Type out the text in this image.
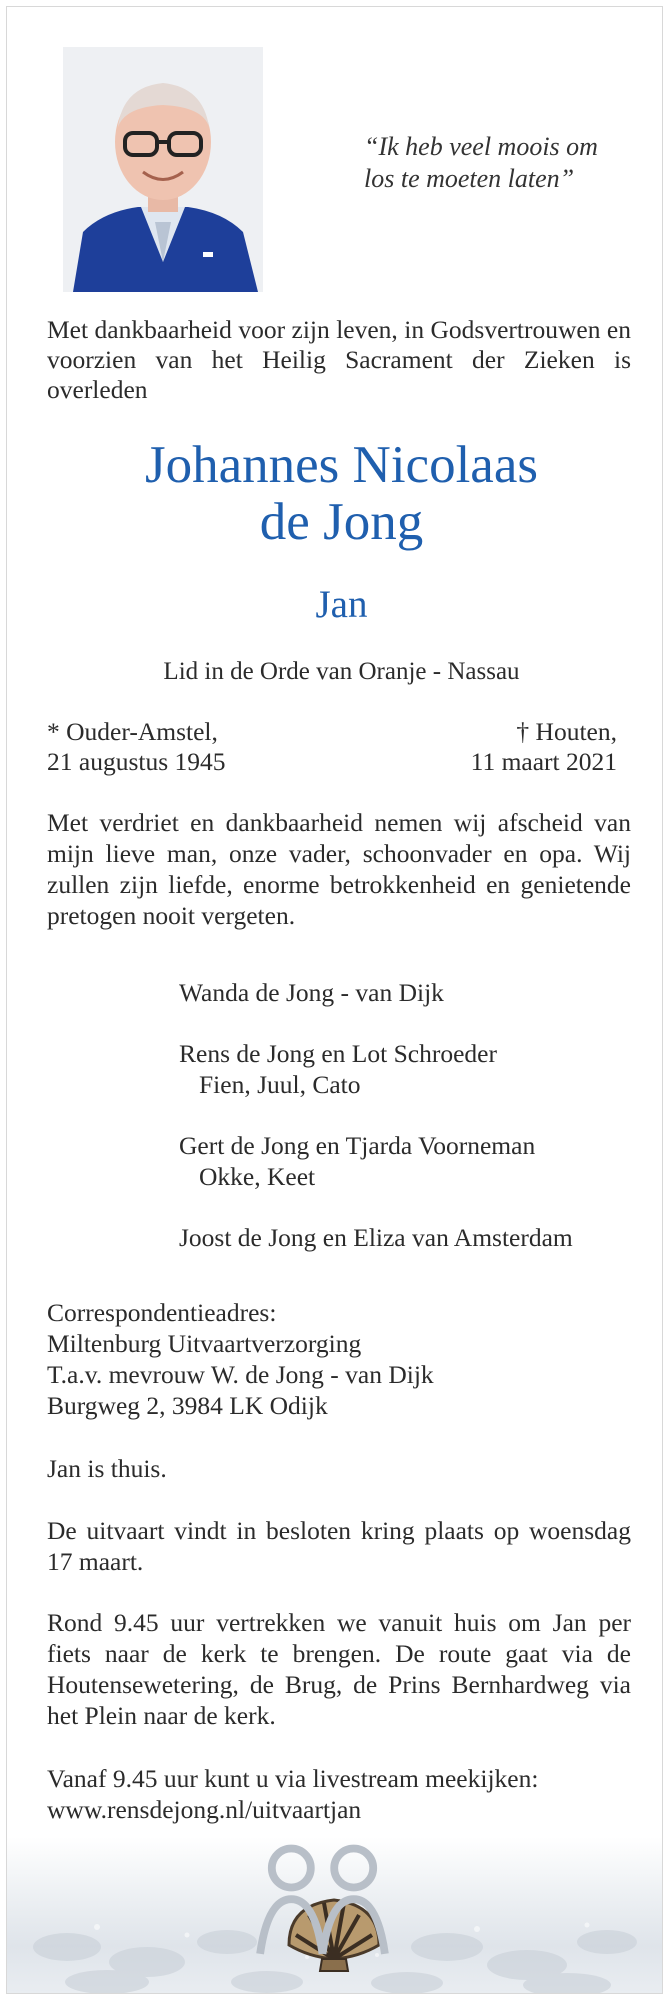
“Ik heb veel moois om
los te moeten laten”
Met dankbaarheid voor zijn leven, in Godsvertrouwen en voorzien van het Heilig Sacrament der Zieken is overleden
Johannes Nicolaas
de Jong
Jan
Lid in de Orde van Oranje - Nassau
* Ouder-Amstel,
21 augustus 1945
† Houten,
11 maart 2021
Met verdriet en dankbaarheid nemen wij afscheid van mijn lieve man, onze vader, schoonvader en opa. Wij zullen zijn liefde, enorme betrokkenheid en genietende pretogen nooit vergeten.
Wanda de Jong - van Dijk
Rens de Jong en Lot Schroeder
Fien, Juul, Cato
Gert de Jong en Tjarda Voorneman
Okke, Keet
Joost de Jong en Eliza van Amsterdam
Correspondentieadres:
Miltenburg Uitvaartverzorging
T.a.v. mevrouw W. de Jong - van Dijk
Burgweg 2, 3984 LK Odijk
Jan is thuis.
De uitvaart vindt in besloten kring plaats op woensdag 17 maart.
Rond 9.45 uur vertrekken we vanuit huis om Jan per fiets naar de kerk te brengen. De route gaat via de Houtensewetering, de Brug, de Prins Bernhardweg via het Plein naar de kerk.
Vanaf 9.45 uur kunt u via livestream meekijken:
www.rensdejong.nl/uitvaartjan
